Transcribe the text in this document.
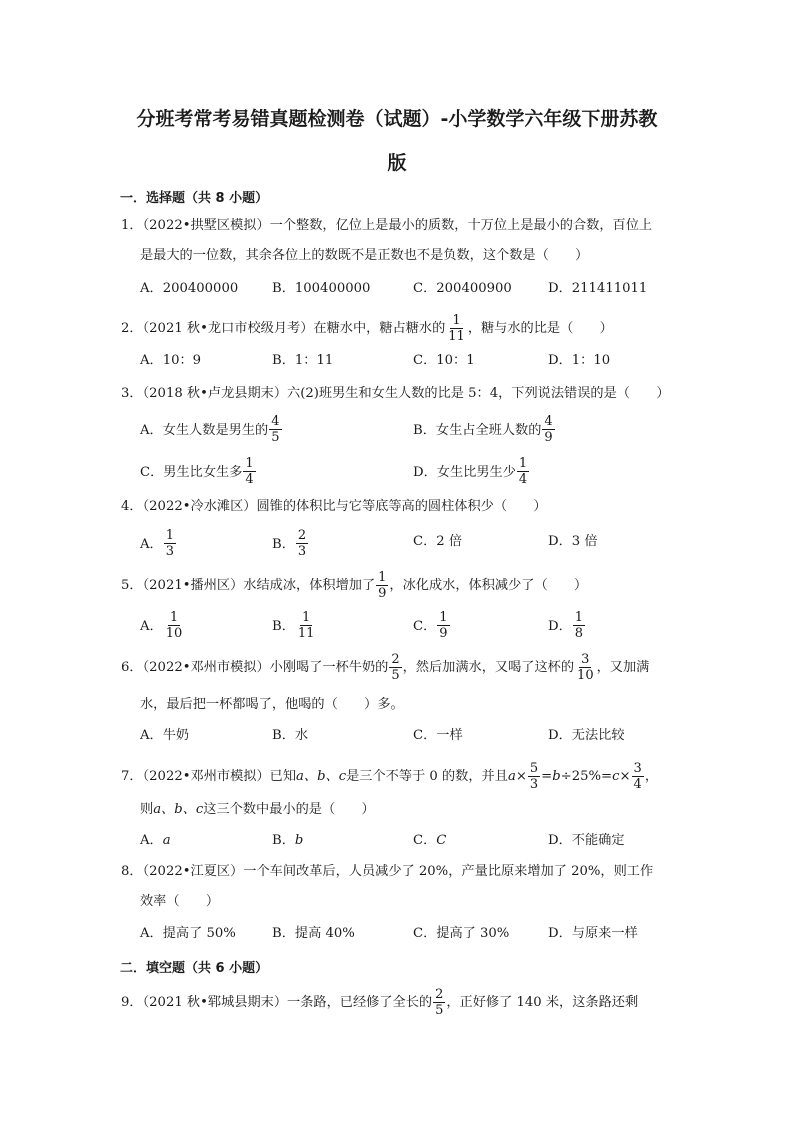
分班考常考易错真题检测卷（试题）-小学数学六年级下册苏教
版
一．选择题（共 8 小题）
1．（2022•拱墅区模拟）一个整数，亿位上是最小的质数，十万位上是最小的合数，百位上
是最大的一位数，其余各位上的数既不是正数也不是负数，这个数是（　　）
A．200400000	B．100400000	C．200400900	D．211411011
2．（2021 秋•龙口市校级月考）在糖水中，糖占糖水的 $\frac{1}{11}$ ，糖与水的比是（　　）
A．10：9	B．1：11	C．10：1	D．1：10
3．（2018 秋•卢龙县期末）六(2)班男生和女生人数的比是 5：4，下列说法错误的是（　　）
A．女生人数是男生的 $\frac{4}{5}$	B．女生占全班人数的 $\frac{4}{9}$
C．男生比女生多 $\frac{1}{4}$	D．女生比男生少 $\frac{1}{4}$
4．（2022•冷水滩区）圆锥的体积比与它等底等高的圆柱体积少（　　）
A． $\frac{1}{3}$	B． $\frac{2}{3}$	C．2 倍	D．3 倍
5．（2021•播州区）水结成冰，体积增加了 $\frac{1}{9}$ ，冰化成水，体积减少了（　　）
A． $\frac{1}{10}$	B． $\frac{1}{11}$	C． $\frac{1}{9}$	D． $\frac{1}{8}$
6．（2022•邓州市模拟）小刚喝了一杯牛奶的 $\frac{2}{5}$ ，然后加满水，又喝了这杯的 $\frac{3}{10}$ ，又加满
水，最后把一杯都喝了，他喝的（　　）多。
A．牛奶	B．水	C．一样	D．无法比较
7．（2022•邓州市模拟）已知a、b、c是三个不等于 0 的数，并且$a\times \frac{5}{3} =b\div 25\%=c\times \frac{3}{4}$ ，
则a、b、c这三个数中最小的是（　　）
A．a	B．b	C．C	D．不能确定
8．（2022•江夏区）一个车间改革后，人员减少了 20%，产量比原来增加了 20%，则工作
效率（　　）
A．提高了 50%	B．提高 40%	C．提高了 30%	D．与原来一样
二．填空题（共 6 小题）
9．（2021 秋•郓城县期末）一条路，已经修了全长的 $\frac{2}{5}$ ，正好修了 140 米，这条路还剩
